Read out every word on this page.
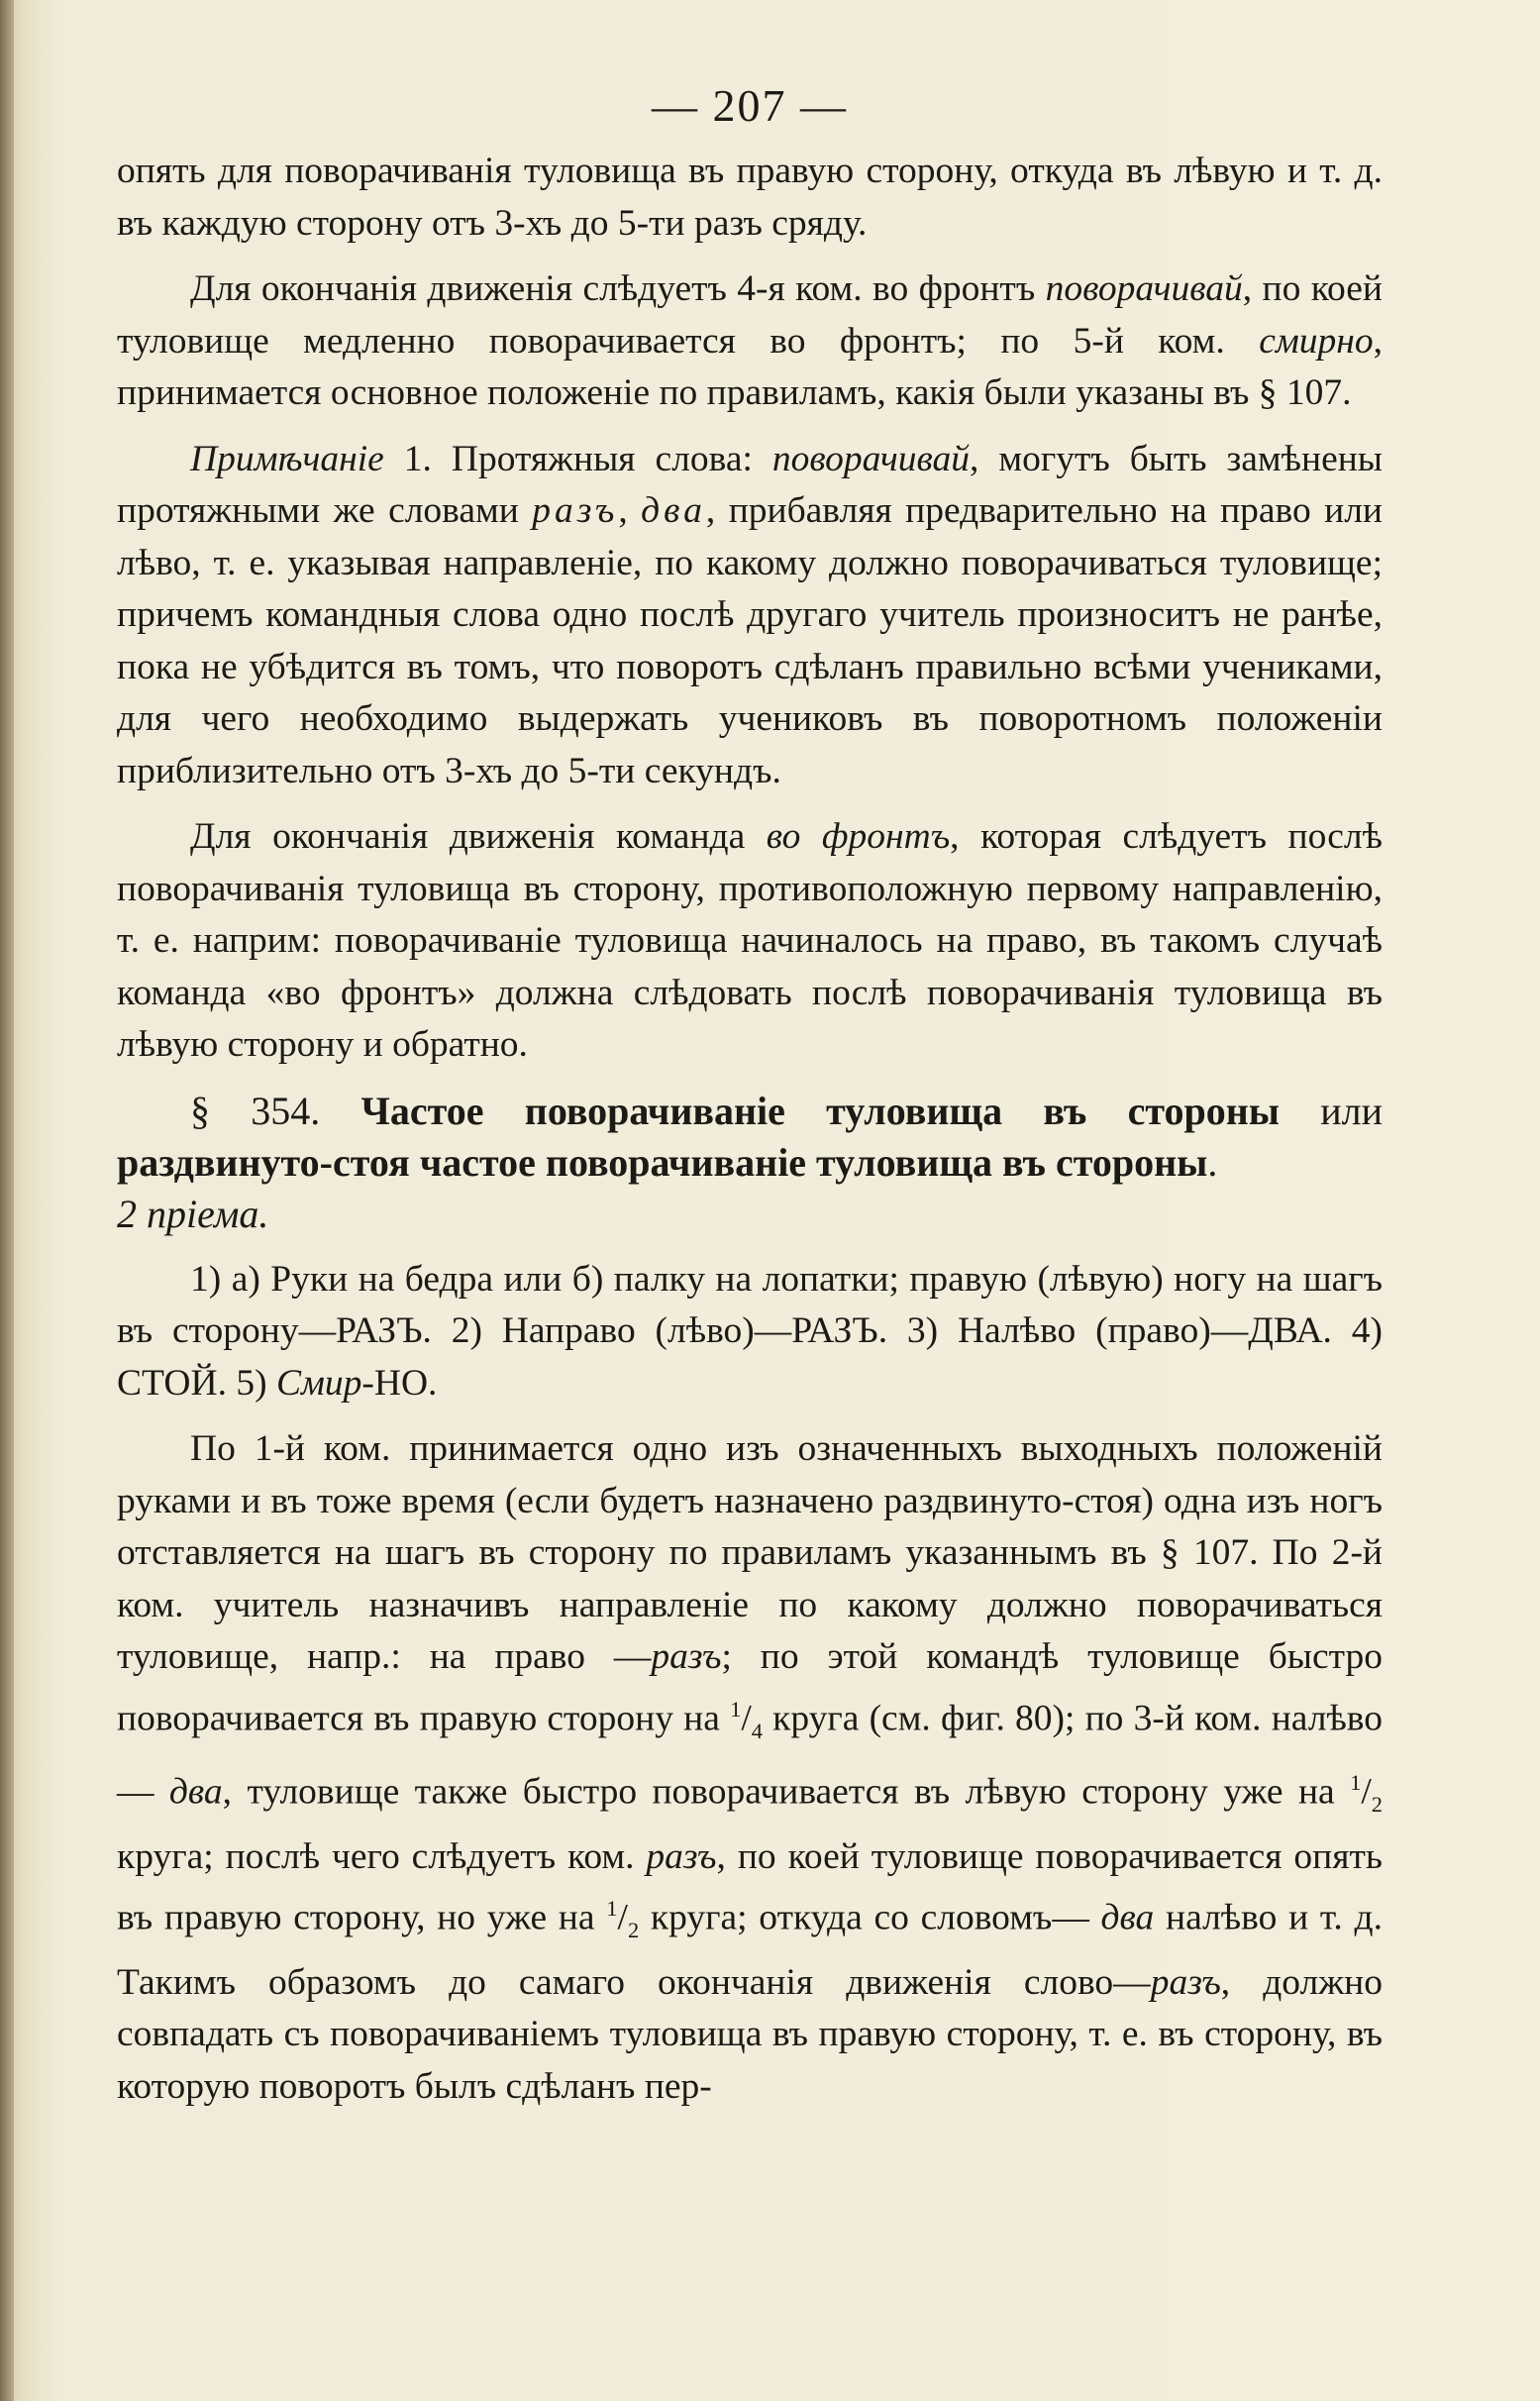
— 207 —

опять для поворачиванія туловища въ правую сторону, откуда въ лѣвую и т. д. въ каждую сторону отъ 3-хъ до 5-ти разъ сряду.

Для окончанія движенія слѣдуетъ 4-я ком. во фронтъ поворачивай, по коей туловище медленно поворачивается во фронтъ; по 5-й ком. смирно, принимается основное положеніе по правиламъ, какія были указаны въ § 107.

Примѣчаніе 1. Протяжныя слова: поворачивай, могутъ быть замѣнены протяжными же словами разъ, два, прибавляя предварительно на право или лѣво, т. е. указывая направленіе, по какому должно поворачиваться туловище; причемъ командныя слова одно послѣ другаго учитель произноситъ не ранѣе, пока не убѣдится въ томъ, что поворотъ сдѣланъ правильно всѣми учениками, для чего необходимо выдержать учениковъ въ поворотномъ положеніи приблизительно отъ 3-хъ до 5-ти секундъ.

Для окончанія движенія команда во фронтъ, которая слѣдуетъ послѣ поворачиванія туловища въ сторону, противоположную первому направленію, т. е. наприм: поворачиваніе туловища начиналось на право, въ такомъ случаѣ команда «во фронтъ» должна слѣдовать послѣ поворачиванія туловища въ лѣвую сторону и обратно.

§ 354. Частое поворачиваніе туловища въ стороны или раздвинуто-стоя частое поворачиваніе туловища въ стороны.
2 пріема.

1) а) Руки на бедра или б) палку на лопатки; правую (лѣвую) ногу на шагъ въ сторону—РАЗЪ. 2) Направо (лѣво)—РАЗЪ. 3) Налѣво (право)—ДВА. 4) СТОЙ. 5) Смир-НО.

По 1-й ком. принимается одно изъ означенныхъ выходныхъ положеній руками и въ тоже время (если будетъ назначено раздвинуто-стоя) одна изъ ногъ отставляется на шагъ въ сторону по правиламъ указаннымъ въ § 107. По 2-й ком. учитель назначивъ направленіе по какому должно поворачиваться туловище, напр.: на право —разъ; по этой командѣ туловище быстро поворачивается въ правую сторону на $^1/_4$ круга (см. фиг. 80); по 3-й ком. налѣво — два, туловище также быстро поворачивается въ лѣвую сторону уже на $^1/_2$ круга; послѣ чего слѣдуетъ ком. разъ, по коей туловище поворачивается опять въ правую сторону, но уже на $^1/_2$ круга; откуда со словомъ— два налѣво и т. д. Такимъ образомъ до самаго окончанія движенія слово—разъ, должно совпадать съ поворачиваніемъ туловища въ правую сторону, т. е. въ сторону, въ которую поворотъ былъ сдѣланъ пер-
